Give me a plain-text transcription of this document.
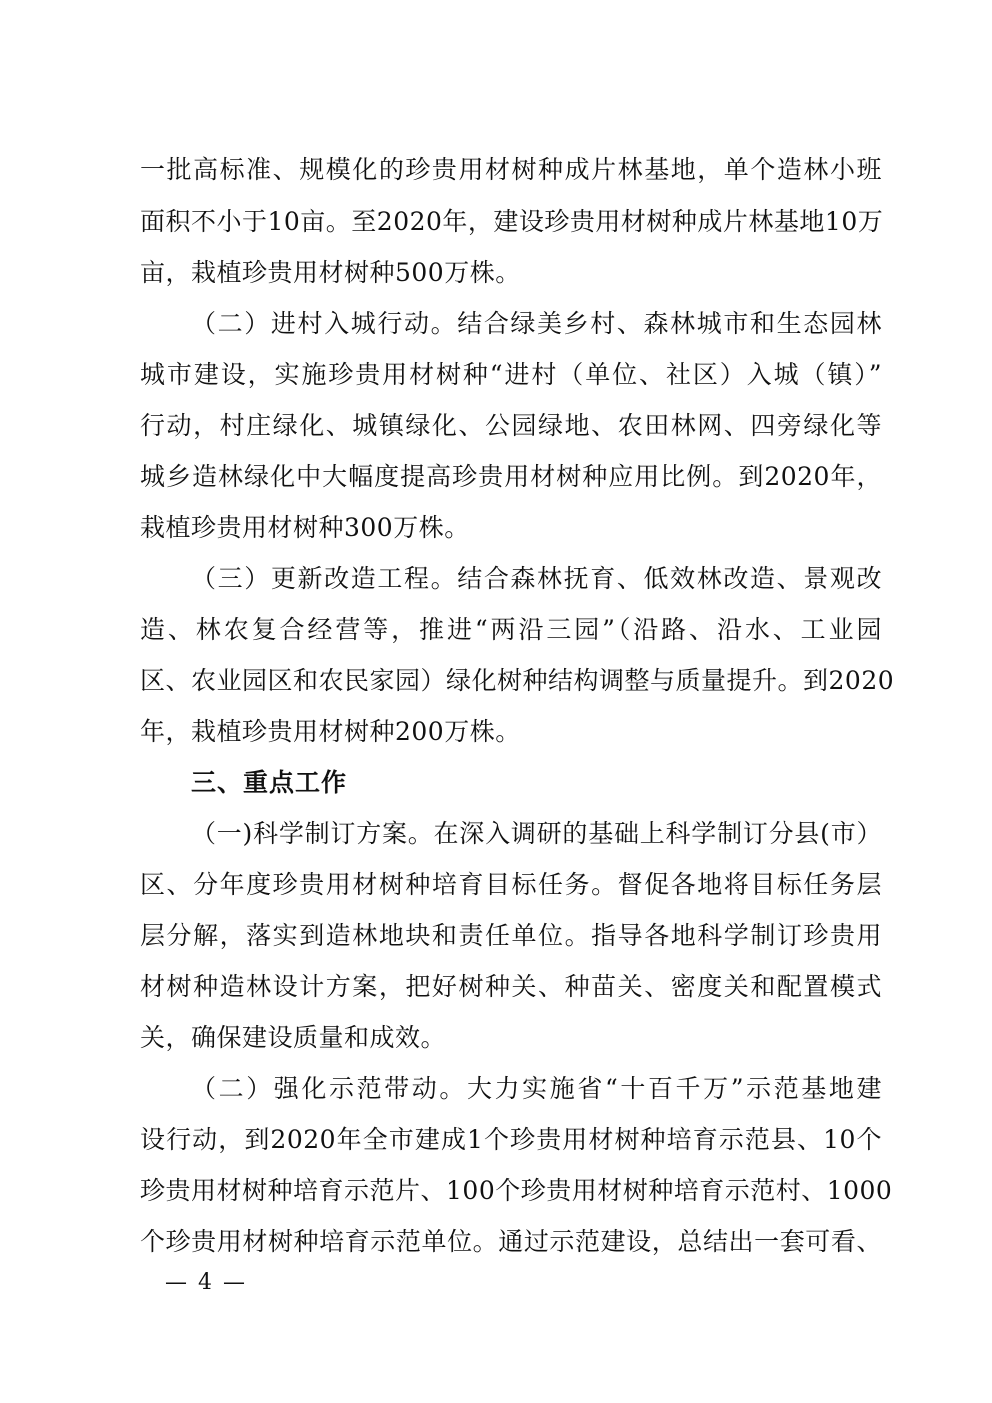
一批高标准、规模化的珍贵用材树种成片林基地，单个造林小班
面积不小于10亩。至2020年，建设珍贵用材树种成片林基地10万
亩，栽植珍贵用材树种500万株。
（二）进村入城行动。结合绿美乡村、森林城市和生态园林
城市建设，实施珍贵用材树种“进村（单位、社区）入城（镇）”
行动，村庄绿化、城镇绿化、公园绿地、农田林网、四旁绿化等
城乡造林绿化中大幅度提高珍贵用材树种应用比例。到2020年，
栽植珍贵用材树种300万株。
（三）更新改造工程。结合森林抚育、低效林改造、景观改
造、林农复合经营等，推进“两沿三园”（沿路、沿水、工业园
区、农业园区和农民家园）绿化树种结构调整与质量提升。到2020
年，栽植珍贵用材树种200万株。
三、重点工作
（一)科学制订方案。在深入调研的基础上科学制订分县(市）
区、分年度珍贵用材树种培育目标任务。督促各地将目标任务层
层分解，落实到造林地块和责任单位。指导各地科学制订珍贵用
材树种造林设计方案，把好树种关、种苗关、密度关和配置模式
关，确保建设质量和成效。
（二）强化示范带动。大力实施省“十百千万”示范基地建
设行动，到2020年全市建成1个珍贵用材树种培育示范县、10个
珍贵用材树种培育示范片、100个珍贵用材树种培育示范村、1000
个珍贵用材树种培育示范单位。通过示范建设，总结出一套可看、
— 4 —
